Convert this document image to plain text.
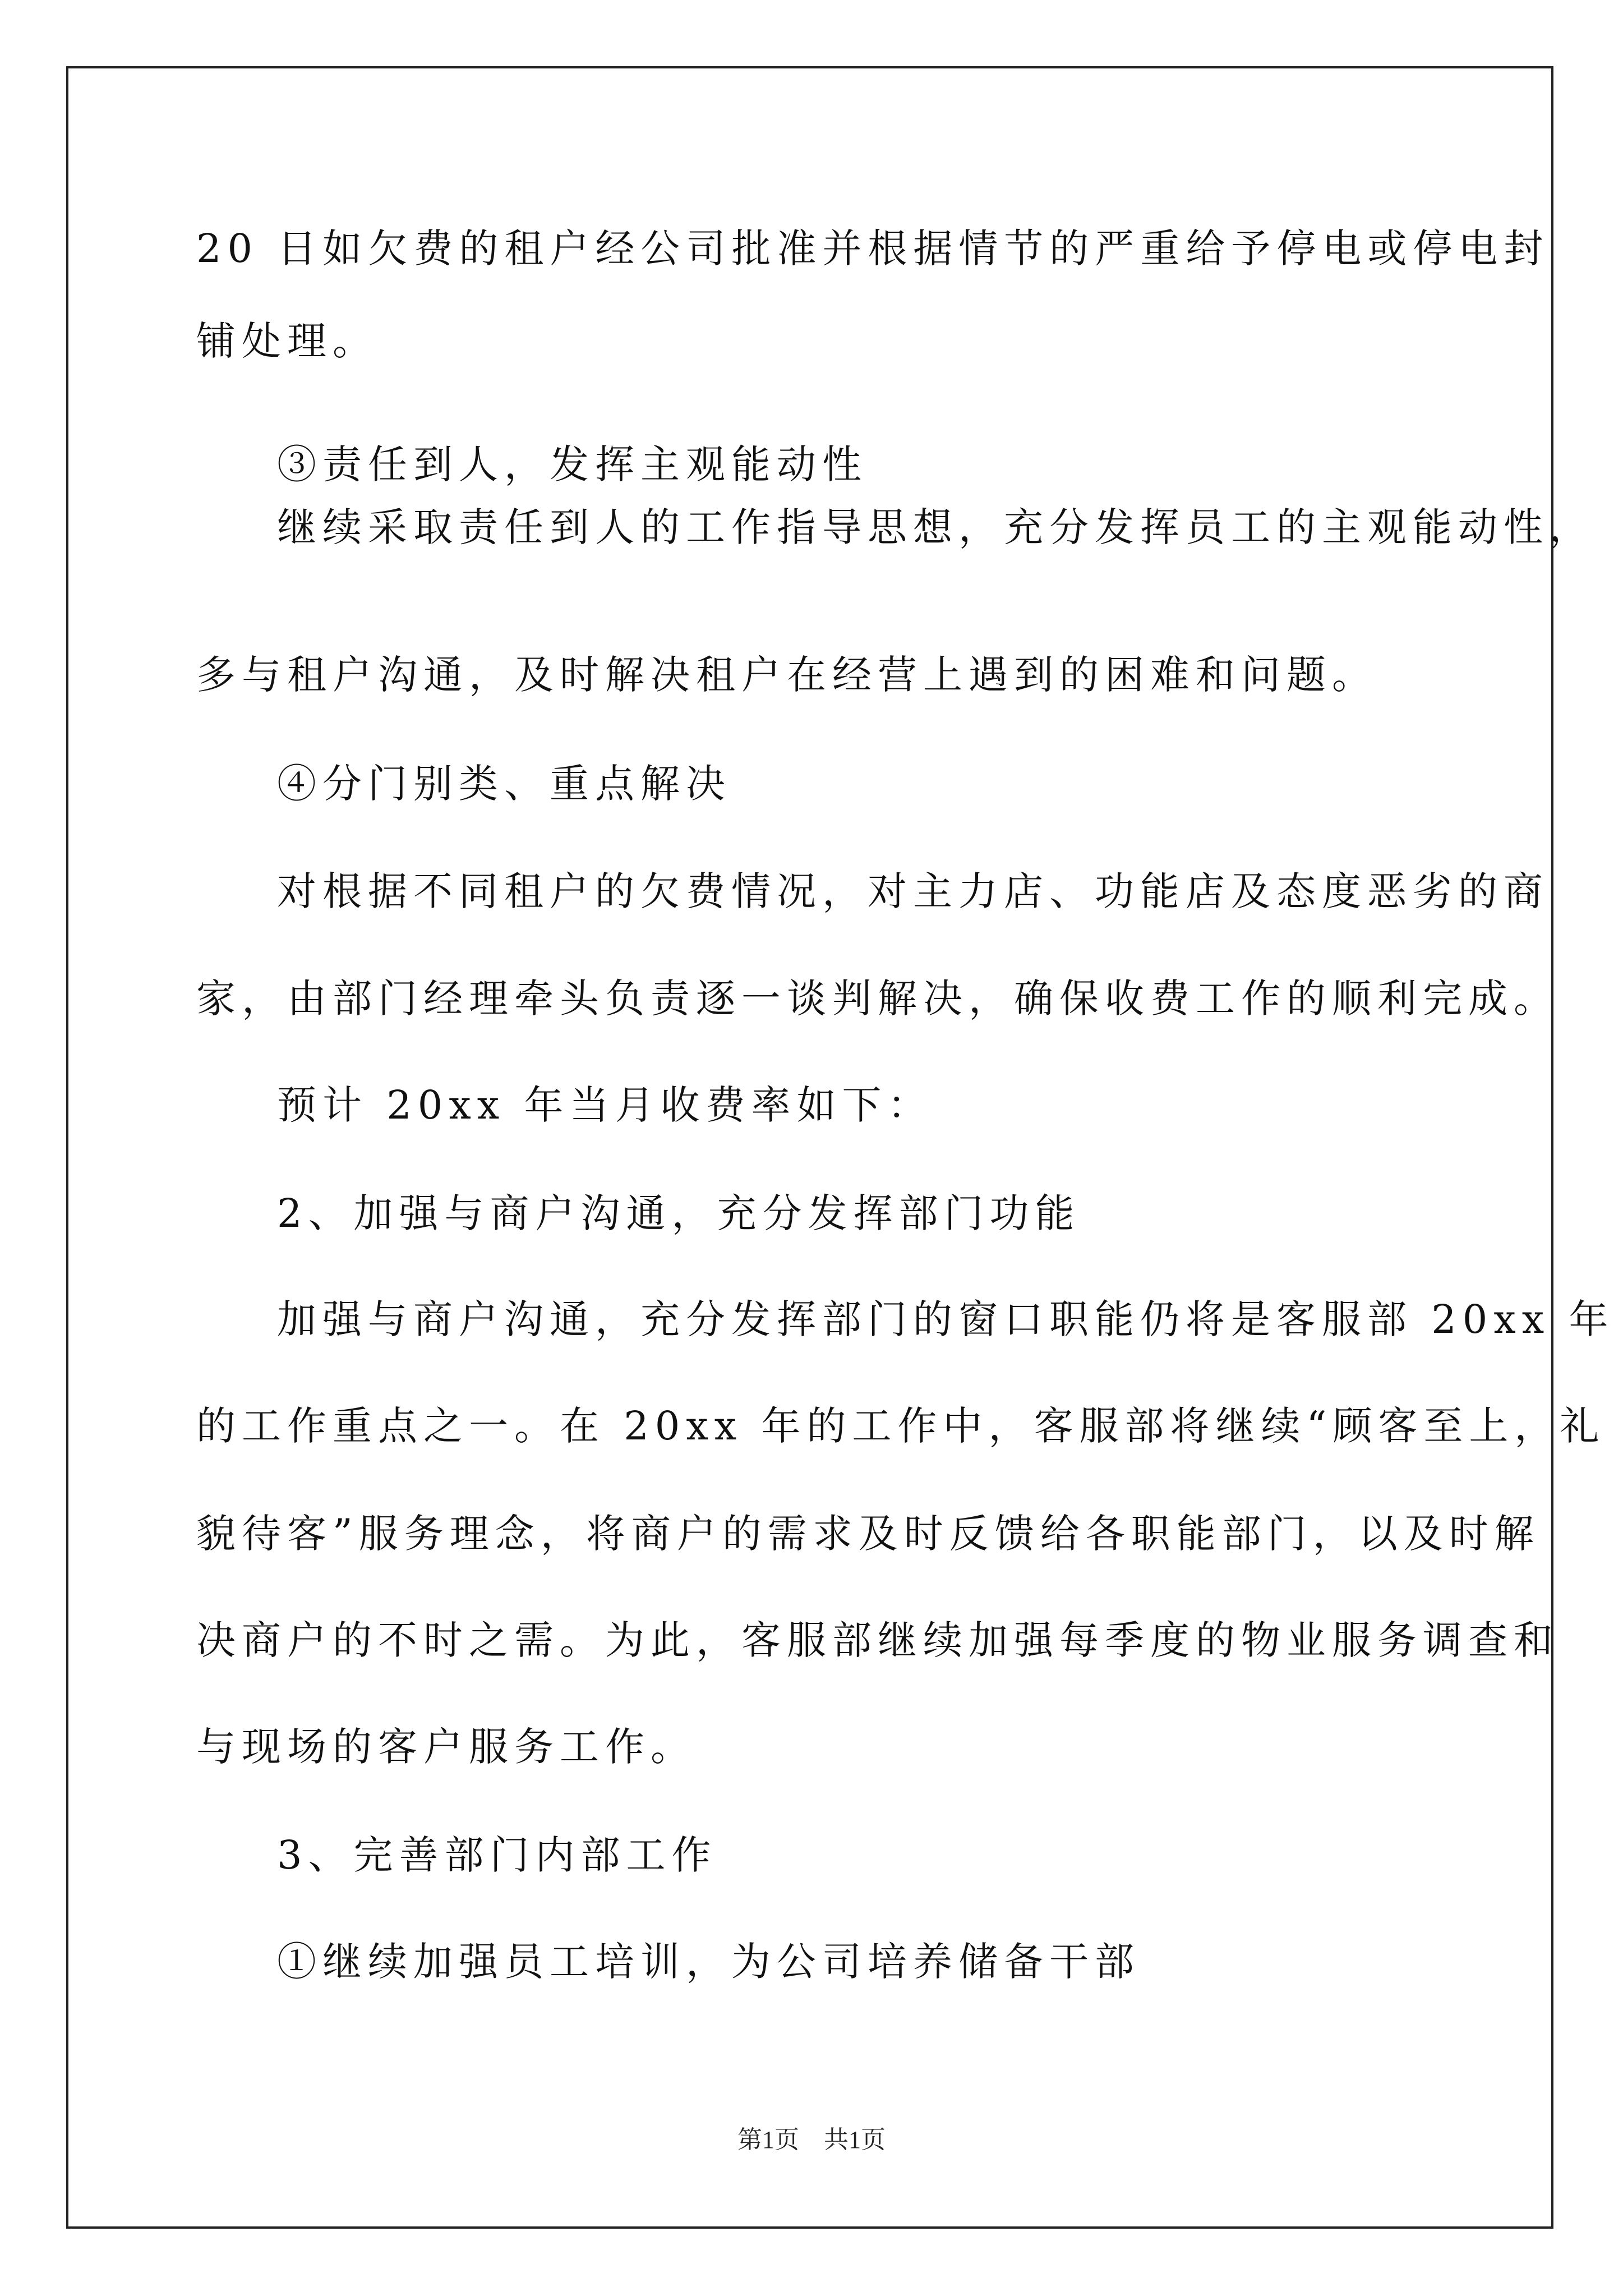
20 日如欠费的租户经公司批准并根据情节的严重给予停电或停电封
铺处理。
③责任到人，发挥主观能动性
继续采取责任到人的工作指导思想，充分发挥员工的主观能动性，
多与租户沟通，及时解决租户在经营上遇到的困难和问题。
④分门别类、重点解决
对根据不同租户的欠费情况，对主力店、功能店及态度恶劣的商
家，由部门经理牵头负责逐一谈判解决，确保收费工作的顺利完成。
预计 20xx 年当月收费率如下：
2、加强与商户沟通，充分发挥部门功能
加强与商户沟通，充分发挥部门的窗口职能仍将是客服部 20xx 年
的工作重点之一。在 20xx 年的工作中，客服部将继续“顾客至上，礼
貌待客”服务理念，将商户的需求及时反馈给各职能部门，以及时解
决商户的不时之需。为此，客服部继续加强每季度的物业服务调查和
与现场的客户服务工作。
3、完善部门内部工作
①继续加强员工培训，为公司培养储备干部
第1页　共1页
